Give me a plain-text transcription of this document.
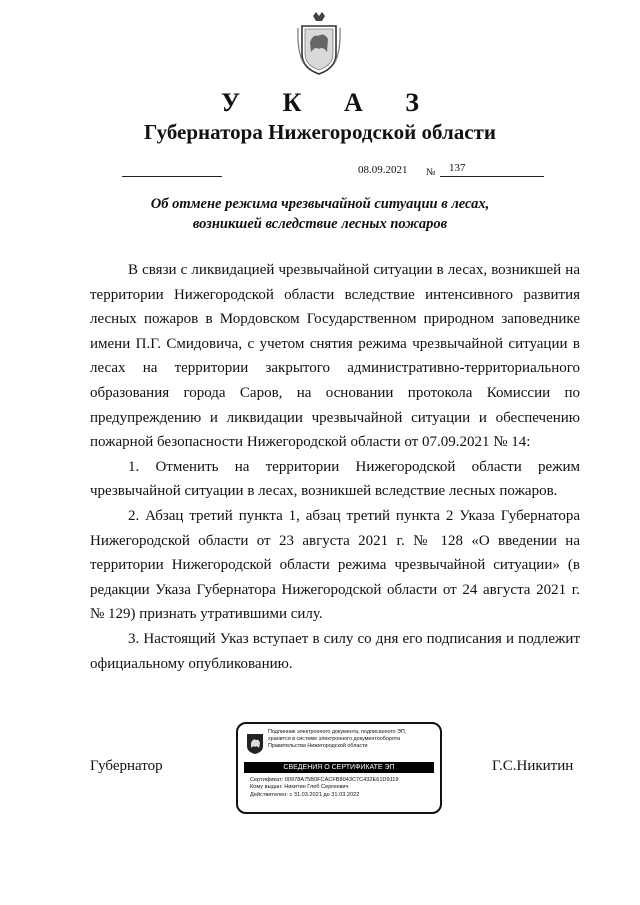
У К А З
Губернатора Нижегородской области
08.09.2021 № 137
Об отмене режима чрезвычайной ситуации в лесах,
возникшей вследствие лесных пожаров

В связи с ликвидацией чрезвычайной ситуации в лесах, возникшей на территории Нижегородской области вследствие интенсивного развития лесных пожаров в Мордовском Государственном природном заповеднике имени П.Г. Смидовича, с учетом снятия режима чрезвычайной ситуации в лесах на территории закрытого административно-территориального образования города Саров, на основании протокола Комиссии по предупреждению и ликвидации чрезвычайной ситуации и обеспечению пожарной безопасности Нижегородской области от 07.09.2021 № 14:

1. Отменить на территории Нижегородской области режим чрезвычайной ситуации в лесах, возникшей вследствие лесных пожаров.

2. Абзац третий пункта 1, абзац третий пункта 2 Указа Губернатора Нижегородской области от 23 августа 2021 г. № 128 «О введении на территории Нижегородской области режима чрезвычайной ситуации» (в редакции Указа Губернатора Нижегородской области от 24 августа 2021 г. № 129) признать утратившими силу.

3. Настоящий Указ вступает в силу со дня его подписания и подлежит официальному опубликованию.

Губернатор
Подлинник электронного документа, подписанного ЭП,
хранится в системе электронного документооборота
Правительства Нижегородской области
СВЕДЕНИЯ О СЕРТИФИКАТЕ ЭП
Сертификат: 00978A75B0FCACFB8043C7C432E61D9119
Кому выдан: Никитин Глеб Сергеевич
Действителен: с 31.03.2021 до 31.03.2022
Г.С.Никитин
